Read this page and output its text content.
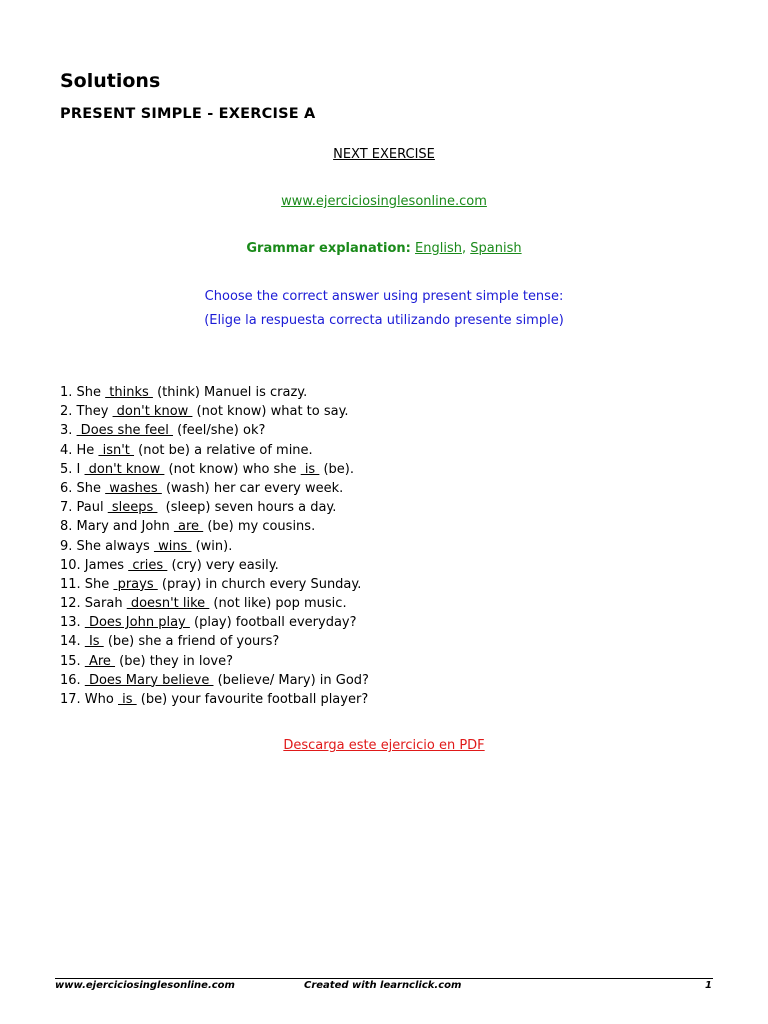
Solutions
PRESENT SIMPLE - EXERCISE A
NEXT EXERCISE
www.ejerciciosinglesonline.com
Grammar explanation: English, Spanish
Choose the correct answer using present simple tense:
(Elige la respuesta correcta utilizando presente simple)
1. She  thinks  (think) Manuel is crazy.
2. They  don't know  (not know) what to say.
3.  Does she feel  (feel/she) ok?
4. He  isn't  (not be) a relative of mine.
5. I  don't know  (not know) who she  is  (be).
6. She  washes  (wash) her car every week.
7. Paul  sleeps   (sleep) seven hours a day.
8. Mary and John  are  (be) my cousins.
9. She always  wins  (win).
10. James  cries  (cry) very easily.
11. She  prays  (pray) in church every Sunday.
12. Sarah  doesn't like  (not like) pop music.
13.  Does John play  (play) football everyday?
14.  Is  (be) she a friend of yours?
15.  Are  (be) they in love?
16.  Does Mary believe  (believe/ Mary) in God?
17. Who  is  (be) your favourite football player?
Descarga este ejercicio en PDF
www.ejerciciosinglesonline.com	Created with learnclick.com	1
